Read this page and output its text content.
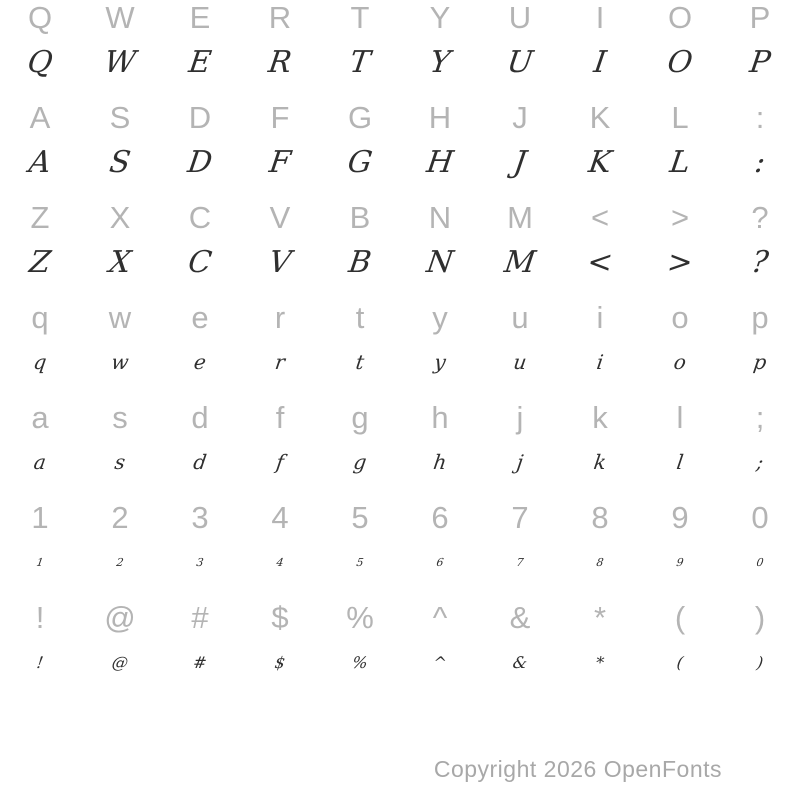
Q	W	E	R	T	Y	U	I	O	P
Q	W	E	R	T	Y	U	I	O	P
A	S	D	F	G	H	J	K	L	:
A	S	D	F	G	H	J	K	L	:
Z	X	C	V	B	N	M	<	>	?
Z	X	C	V	B	N	M	<	>	?
q	w	e	r	t	y	u	i	o	p
q	w	e	r	t	y	u	i	o	p
a	s	d	f	g	h	j	k	l	;
a	s	d	f	g	h	j	k	l	;
1	2	3	4	5	6	7	8	9	0
1	2	3	4	5	6	7	8	9	0
!	@	#	$	%	^	&	*	(	)
!	@	#	$	%	^	&	*	(	)
Copyright 2026 OpenFonts
